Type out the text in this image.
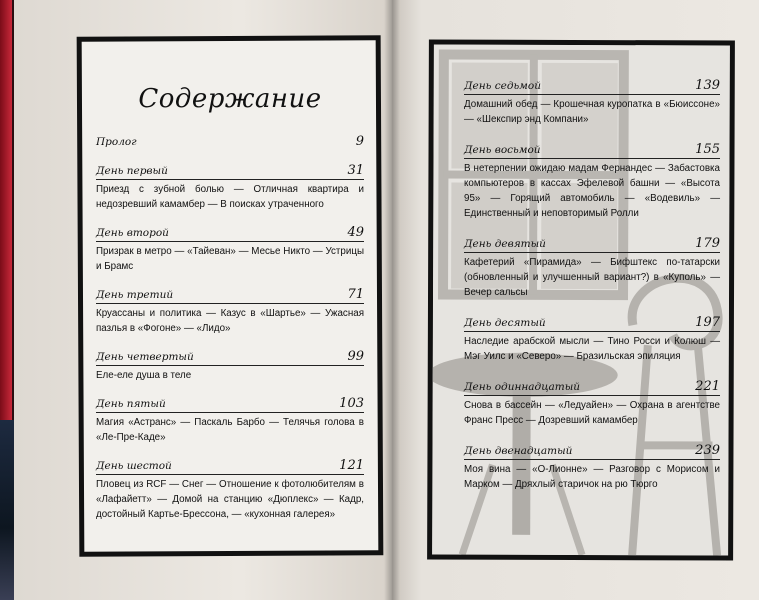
Содержание
Пролог	9
День первый	31
Приезд с зубной болью — Отличная квартира и недозревший камамбер — В поисках утраченного
День второй	49
Призрак в метро — «Тайеван» — Месье Никто — Устрицы и Брамс
День третий	71
Круассаны и политика — Казус в «Шартье» — Ужасная пазлья в «Фогоне» — «Лидо»
День четвертый	99
Еле-еле душа в теле
День пятый	103
Магия «Астранс» — Паскаль Барбо — Телячья голова в «Ле-Пре-Каде»
День шестой	121
Пловец из RCF — Снег — Отношение к фотолюбителям в «Лафайетт» — Домой на станцию «Дюплекс» — Кадр, достойный Картье-Брессона, — «кухонная галерея»
День седьмой	139
Домашний обед — Крошечная куропатка в «Бюиссоне» — «Шекспир энд Компани»
День восьмой	155
В нетерпении ожидаю мадам Фернандес — Забастовка компьютеров в кассах Эфелевой башни — «Высота 95» — Горящий автомобиль — «Водевиль» — Единственный и неповторимый Ролли
День девятый	179
Кафетерий «Пирамида» — Бифштекс по-татарски (обновленный и улучшенный вариант?) в «Куполь» — Вечер сальсы
День десятый	197
Наследие арабской мысли — Тино Росси и Колюш — Мэг Уилс и «Северо» — Бразильская эпиляция
День одиннадцатый	221
Снова в бассейн — «Ледуайен» — Охрана в агентстве Франс Пресс — Дозревший камамбер
День двенадцатый	239
Моя вина — «О-Лионне» — Разговор с Морисом и Марком — Дряхлый старичок на рю Тюрго
